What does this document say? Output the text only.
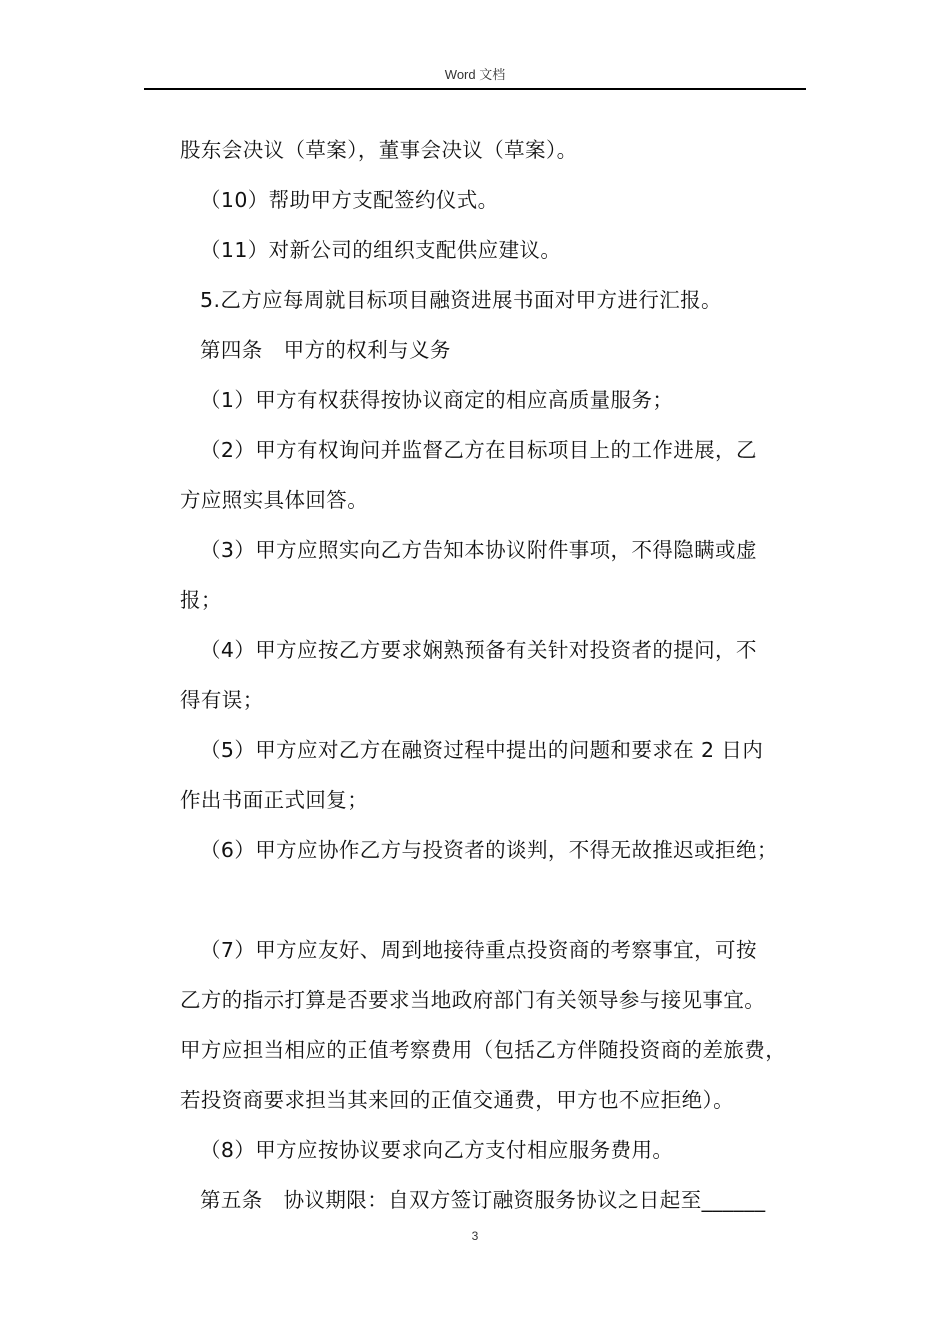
Word 文档
股东会决议（草案），董事会决议（草案）。
（10）帮助甲方支配签约仪式。
（11）对新公司的组织支配供应建议。
5.乙方应每周就目标项目融资进展书面对甲方进行汇报。
第四条　甲方的权利与义务
（1）甲方有权获得按协议商定的相应高质量服务；
（2）甲方有权询问并监督乙方在目标项目上的工作进展，乙
方应照实具体回答。
（3）甲方应照实向乙方告知本协议附件事项，不得隐瞒或虚
报；
（4）甲方应按乙方要求娴熟预备有关针对投资者的提问，不
得有误；
（5）甲方应对乙方在融资过程中提出的问题和要求在 2 日内
作出书面正式回复；
（6）甲方应协作乙方与投资者的谈判，不得无故推迟或拒绝；
（7）甲方应友好、周到地接待重点投资商的考察事宜，可按
乙方的指示打算是否要求当地政府部门有关领导参与接见事宜。
甲方应担当相应的正值考察费用（包括乙方伴随投资商的差旅费，
若投资商要求担当其来回的正值交通费，甲方也不应拒绝）。
（8）甲方应按协议要求向乙方支付相应服务费用。
第五条　协议期限：自双方签订融资服务协议之日起至______
3
